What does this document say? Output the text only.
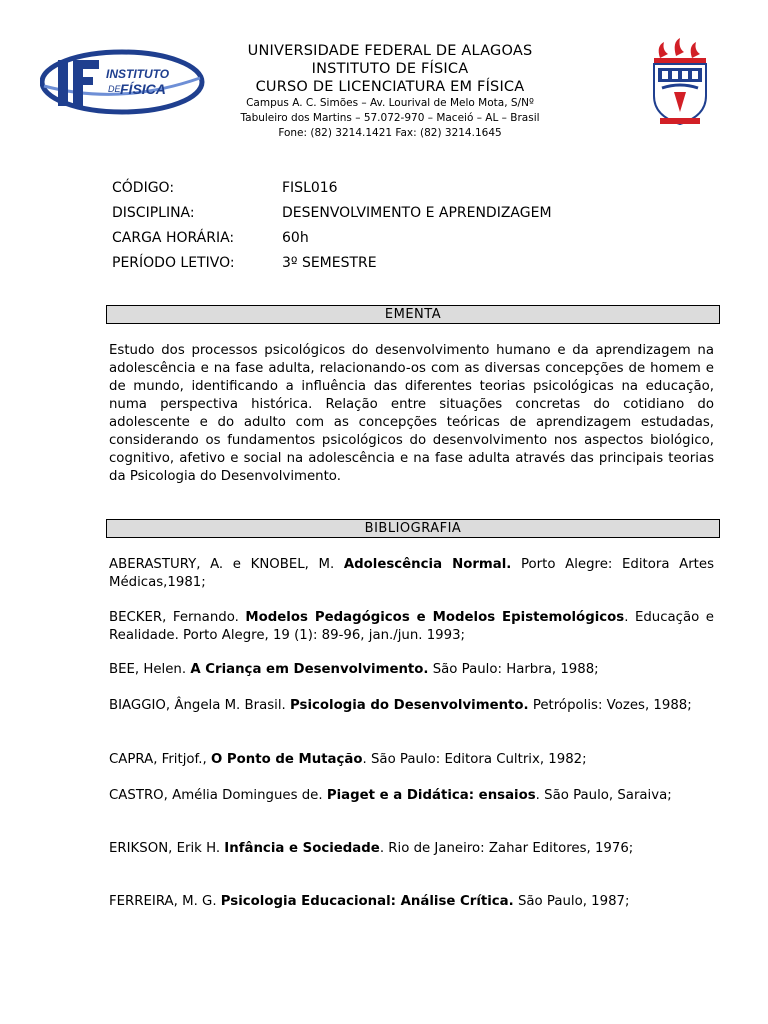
INSTITUTO
DE FÍSICA
UNIVERSIDADE FEDERAL DE ALAGOAS
INSTITUTO DE FÍSICA
CURSO DE LICENCIATURA EM FÍSICA
Campus A. C. Simões – Av. Lourival de Melo Mota, S/Nº
Tabuleiro dos Martins – 57.072-970 – Maceió – AL – Brasil
Fone: (82) 3214.1421 Fax: (82) 3214.1645
CÓDIGO:	FISL016
DISCIPLINA:	DESENVOLVIMENTO E APRENDIZAGEM
CARGA HORÁRIA:	60h
PERÍODO LETIVO:	3º SEMESTRE
EMENTA
Estudo dos processos psicológicos do desenvolvimento humano e da aprendizagem na adolescência e na fase adulta, relacionando-os com as diversas concepções de homem e de mundo, identificando a influência das diferentes teorias psicológicas na educação, numa perspectiva histórica. Relação entre situações concretas do cotidiano do adolescente e do adulto com as concepções teóricas de aprendizagem estudadas, considerando os fundamentos psicológicos do desenvolvimento nos aspectos biológico, cognitivo, afetivo e social na adolescência e na fase adulta através das principais teorias da Psicologia do Desenvolvimento.
BIBLIOGRAFIA
ABERASTURY, A. e KNOBEL, M. Adolescência Normal. Porto Alegre: Editora Artes Médicas,1981;
BECKER, Fernando. Modelos Pedagógicos e Modelos Epistemológicos. Educação e Realidade. Porto Alegre, 19 (1): 89-96, jan./jun. 1993;
BEE, Helen. A Criança em Desenvolvimento. São Paulo: Harbra, 1988;
BIAGGIO, Ângela M. Brasil. Psicologia do Desenvolvimento. Petrópolis: Vozes, 1988;
CAPRA, Fritjof., O Ponto de Mutação. São Paulo: Editora Cultrix, 1982;
CASTRO, Amélia Domingues de. Piaget e a Didática: ensaios. São Paulo, Saraiva;
ERIKSON, Erik H. Infância e Sociedade. Rio de Janeiro: Zahar Editores, 1976;
FERREIRA, M. G. Psicologia Educacional: Análise Crítica. São Paulo, 1987;
